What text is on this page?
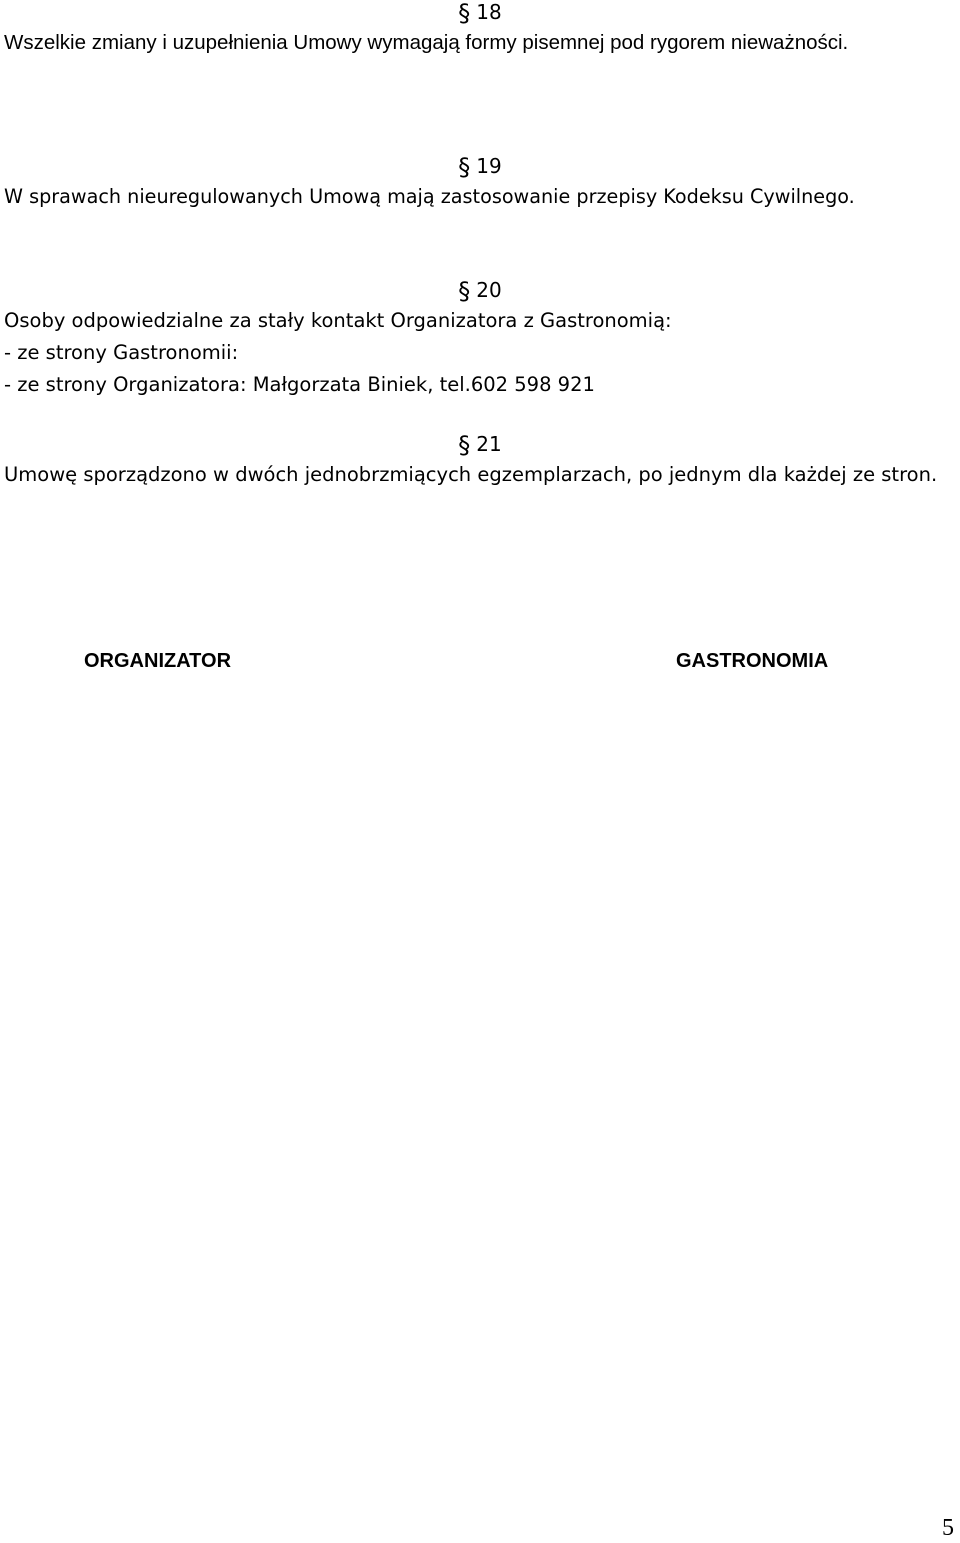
§ 18

Wszelkie zmiany i uzupełnienia Umowy wymagają formy pisemnej pod rygorem nieważności.

§ 19

W sprawach nieuregulowanych Umową mają zastosowanie przepisy Kodeksu Cywilnego.

§ 20
Osoby odpowiedzialne za stały kontakt Organizatora z Gastronomią:
- ze strony Gastronomii:
- ze strony Organizatora: Małgorzata Biniek, tel.602 598 921
§ 21

Umowę sporządzono w dwóch jednobrzmiących egzemplarzach, po jednym dla każdej ze stron.

ORGANIZATOR	GASTRONOMIA
5
